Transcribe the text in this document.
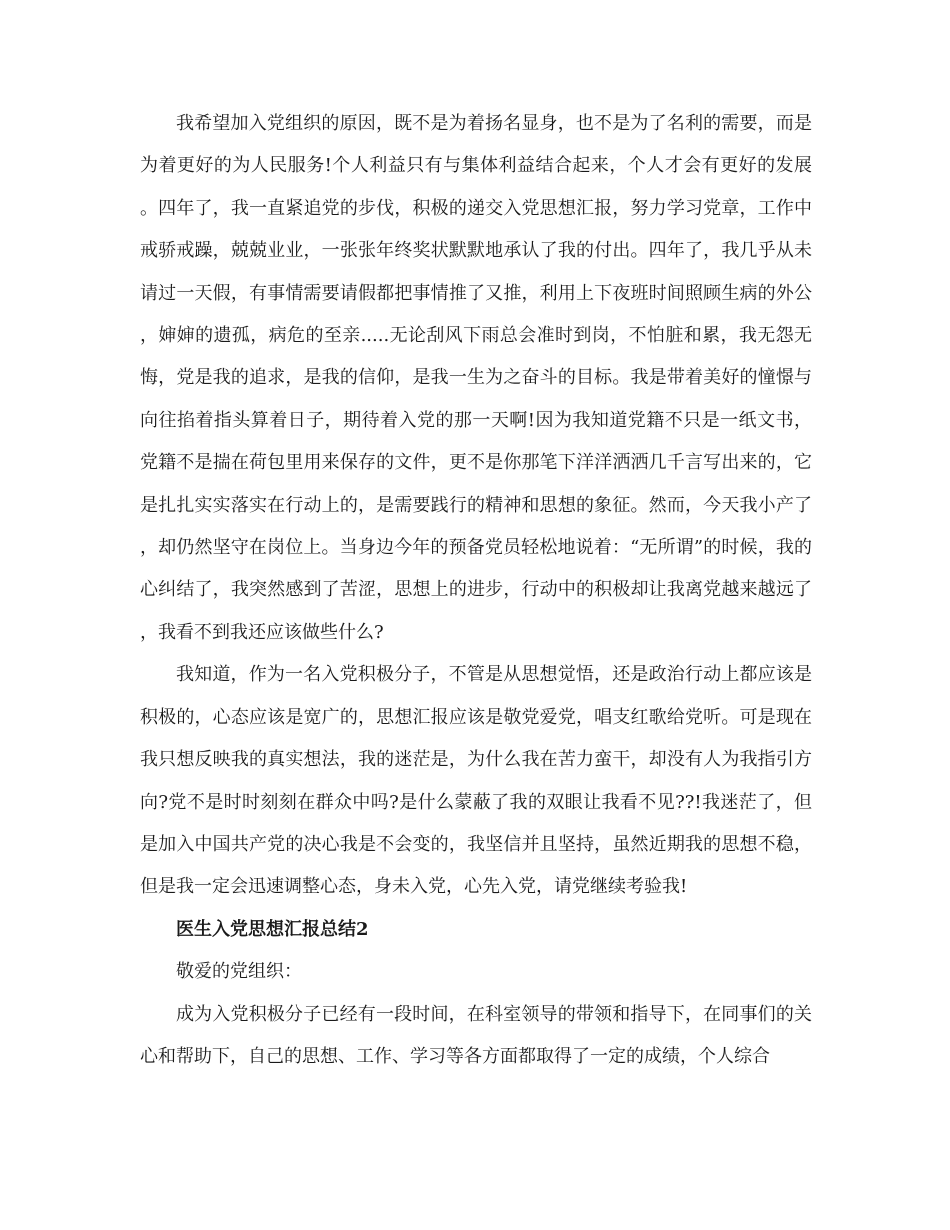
我希望加入党组织的原因，既不是为着扬名显身，也不是为了名利的需要，而是为着更好的为人民服务!个人利益只有与集体利益结合起来，个人才会有更好的发展。四年了，我一直紧追党的步伐，积极的递交入党思想汇报，努力学习党章，工作中戒骄戒躁，兢兢业业，一张张年终奖状默默地承认了我的付出。四年了，我几乎从未请过一天假，有事情需要请假都把事情推了又推，利用上下夜班时间照顾生病的外公，婶婶的遗孤，病危的至亲.....无论刮风下雨总会准时到岗，不怕脏和累，我无怨无悔，党是我的追求，是我的信仰，是我一生为之奋斗的目标。我是带着美好的憧憬与向往掐着指头算着日子，期待着入党的那一天啊!因为我知道党籍不只是一纸文书，党籍不是揣在荷包里用来保存的文件，更不是你那笔下洋洋洒洒几千言写出来的，它是扎扎实实落实在行动上的，是需要践行的精神和思想的象征。然而，今天我小产了，却仍然坚守在岗位上。当身边今年的预备党员轻松地说着：“无所谓”的时候，我的心纠结了，我突然感到了苦涩，思想上的进步，行动中的积极却让我离党越来越远了，我看不到我还应该做些什么?

我知道，作为一名入党积极分子，不管是从思想觉悟，还是政治行动上都应该是积极的，心态应该是宽广的，思想汇报应该是敬党爱党，唱支红歌给党听。可是现在我只想反映我的真实想法，我的迷茫是，为什么我在苦力蛮干，却没有人为我指引方向?党不是时时刻刻在群众中吗?是什么蒙蔽了我的双眼让我看不见??!我迷茫了，但是加入中国共产党的决心我是不会变的，我坚信并且坚持，虽然近期我的思想不稳，但是我一定会迅速调整心态，身未入党，心先入党，请党继续考验我!

医生入党思想汇报总结2

敬爱的党组织：

成为入党积极分子已经有一段时间，在科室领导的带领和指导下，在同事们的关心和帮助下，自己的思想、工作、学习等各方面都取得了一定的成绩，个人综合
